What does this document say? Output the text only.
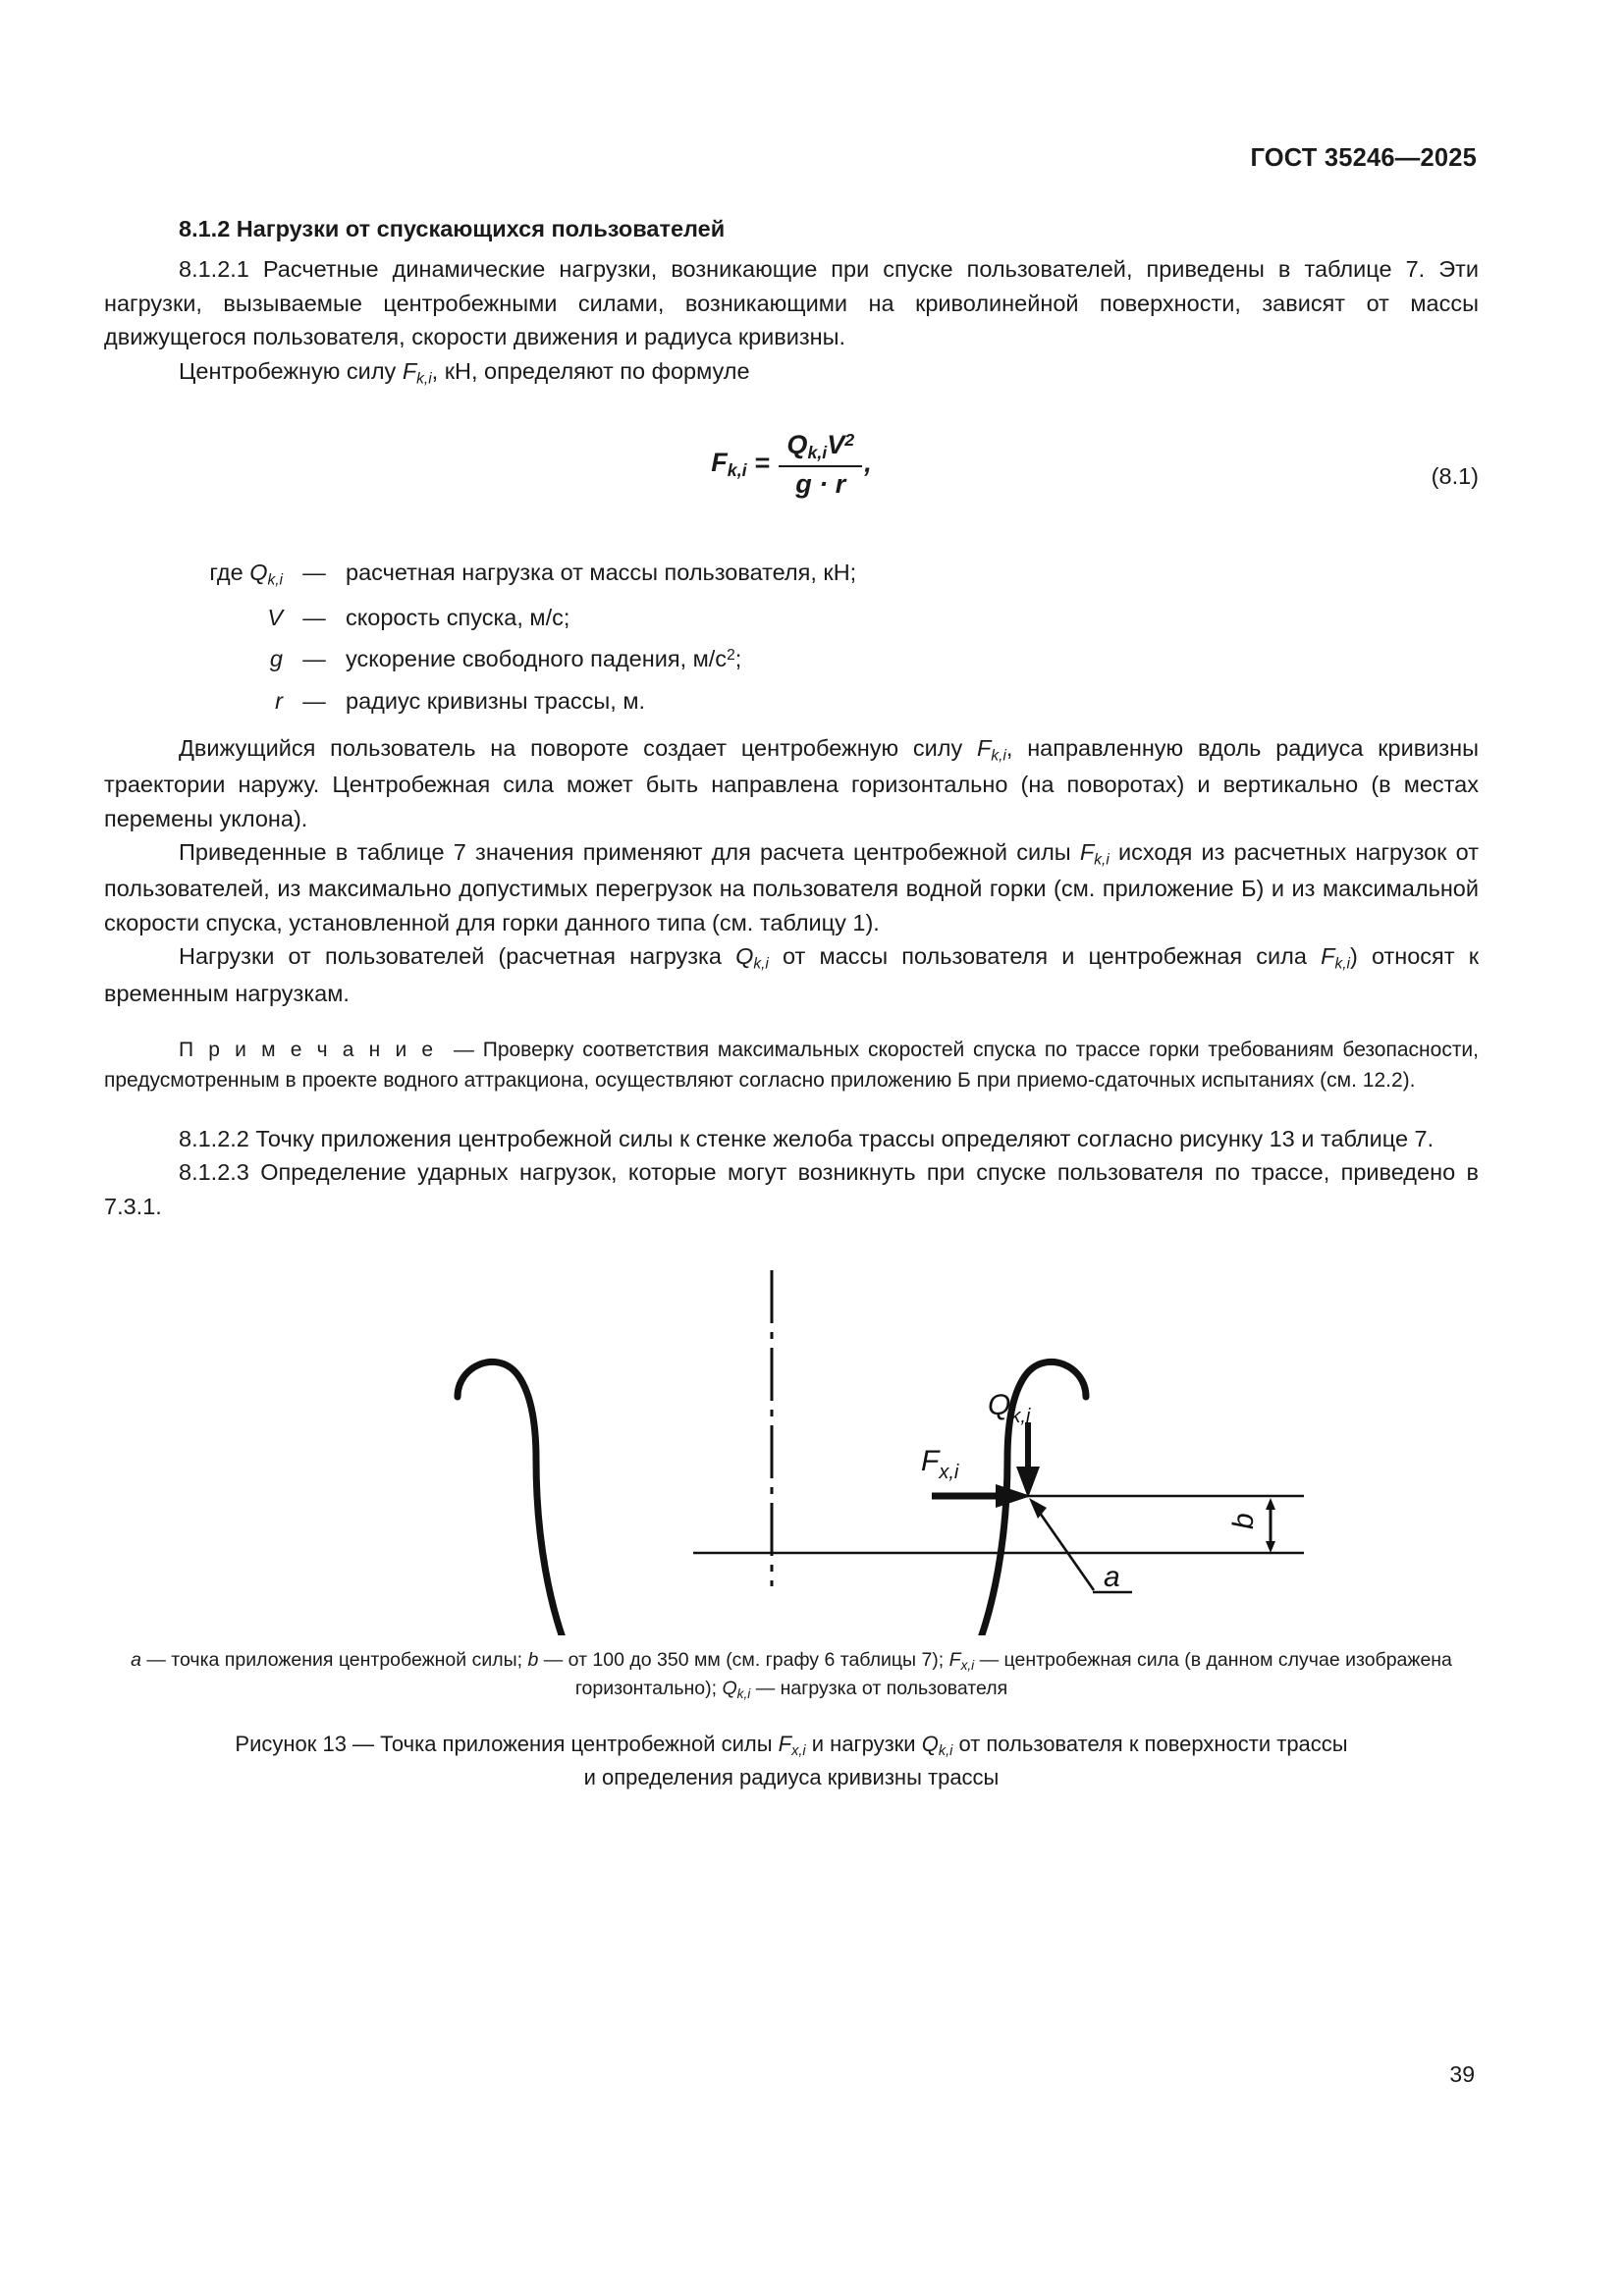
ГОСТ 35246—2025
8.1.2 Нагрузки от спускающихся пользователей

8.1.2.1 Расчетные динамические нагрузки, возникающие при спуске пользователей, приведены в таблице 7. Эти нагрузки, вызываемые центробежными силами, возникающими на криволинейной поверхности, зависят от массы движущегося пользователя, скорости движения и радиуса кривизны.

Центробежную силу $F_{k,i}$, кН, определяют по формуле

$F_{k,i} = \frac{Q_{k,i}V^2}{g \cdot r}$ ,	(8.1)
где $Q_{k,i}$ — расчетная нагрузка от массы пользователя, кН;
V — скорость спуска, м/с;
g — ускорение свободного падения, $м/с^2$;
r — радиус кривизны трассы, м.

Движущийся пользователь на повороте создает центробежную силу $F_{k,i}$, направленную вдоль радиуса кривизны траектории наружу. Центробежная сила может быть направлена горизонтально (на поворотах) и вертикально (в местах перемены уклона).

Приведенные в таблице 7 значения применяют для расчета центробежной силы $F_{k,i}$ исходя из расчетных нагрузок от пользователей, из максимально допустимых перегрузок на пользователя водной горки (см. приложение Б) и из максимальной скорости спуска, установленной для горки данного типа (см. таблицу 1).

Нагрузки от пользователей (расчетная нагрузка $Q_{k,i}$ от массы пользователя и центробежная сила $F_{k,i}$) относят к временным нагрузкам.

П р и м е ч а н и е — Проверку соответствия максимальных скоростей спуска по трассе горки требованиям безопасности, предусмотренным в проекте водного аттракциона, осуществляют согласно приложению Б при приемо-сдаточных испытаниях (см. 12.2).

8.1.2.2 Точку приложения центробежной силы к стенке желоба трассы определяют согласно рисунку 13 и таблице 7.

8.1.2.3 Определение ударных нагрузок, которые могут возникнуть при спуске пользователя по трассе, приведено в 7.3.1.

$Q_{k,i}$
$F_{x,i}$
a
b
a — точка приложения центробежной силы; b — от 100 до 350 мм (см. графу 6 таблицы 7); $F_{x,i}$ — центробежная сила (в данном случае изображена горизонтально); $Q_{k,i}$ — нагрузка от пользователя
Рисунок 13 — Точка приложения центробежной силы $F_{x,i}$ и нагрузки $Q_{k,i}$ от пользователя к поверхности трассы
и определения радиуса кривизны трассы
39
